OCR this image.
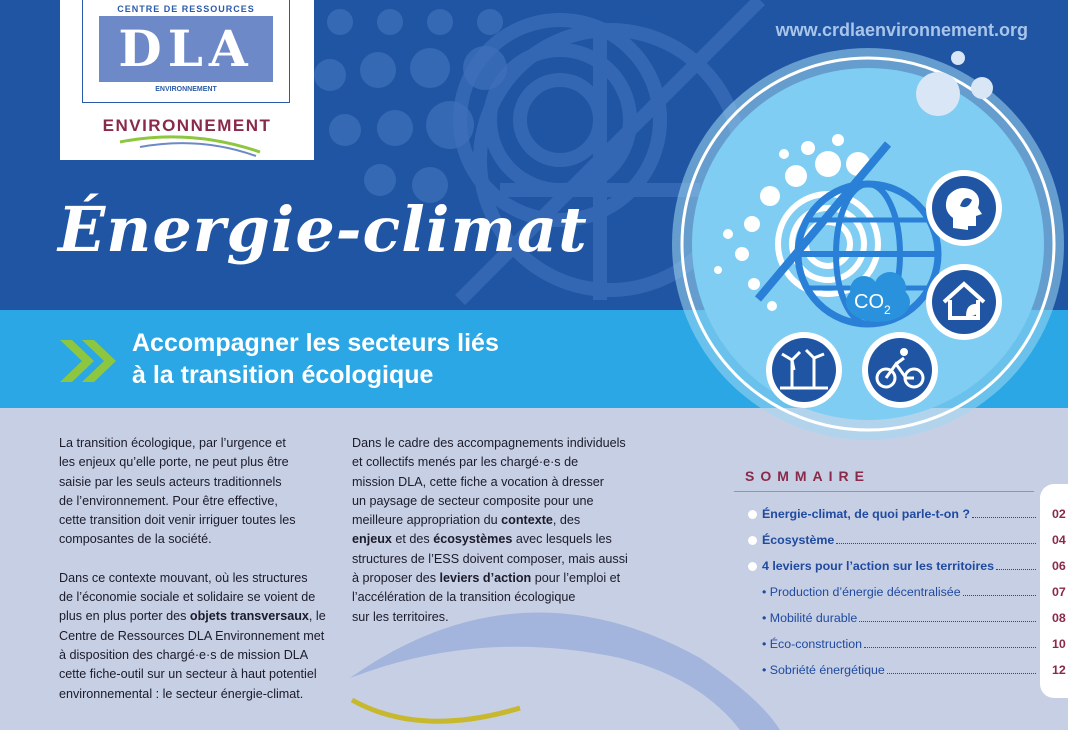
www.crdlaenvironnement.org
Énergie-climat
CENTRE DE RESSOURCES
DLA
ENVIRONNEMENT
ENVIRONNEMENT
Accompagner les secteurs liés
à la transition écologique
CO 2

La transition écologique, par l’urgence et
les enjeux qu’elle porte, ne peut plus être
saisie par les seuls acteurs traditionnels
de l’environnement. Pour être effective,
cette transition doit venir irriguer toutes les
composantes de la société.

Dans ce contexte mouvant, où les structures
de l’économie sociale et solidaire se voient de
plus en plus porter des objets transversaux, le
Centre de Ressources DLA Environnement met
à disposition des chargé·e·s de mission DLA
cette fiche-outil sur un secteur à haut potentiel
environnemental : le secteur énergie-climat.

Dans le cadre des accompagnements individuels
et collectifs menés par les chargé·e·s de
mission DLA, cette fiche a vocation à dresser
un paysage de secteur composite pour une
meilleure appropriation du contexte, des
enjeux et des écosystèmes avec lesquels les
structures de l’ESS doivent composer, mais aussi
à proposer des leviers d’action pour l’emploi et
l’accélération de la transition écologique
sur les territoires.

SOMMAIRE
Énergie-climat, de quoi parle-t-on ?	02
Écosystème	04
4 leviers pour l’action sur les territoires	06
• Production d’énergie décentralisée	07
• Mobilité durable	08
• Éco-construction	10
• Sobriété énergétique	12
